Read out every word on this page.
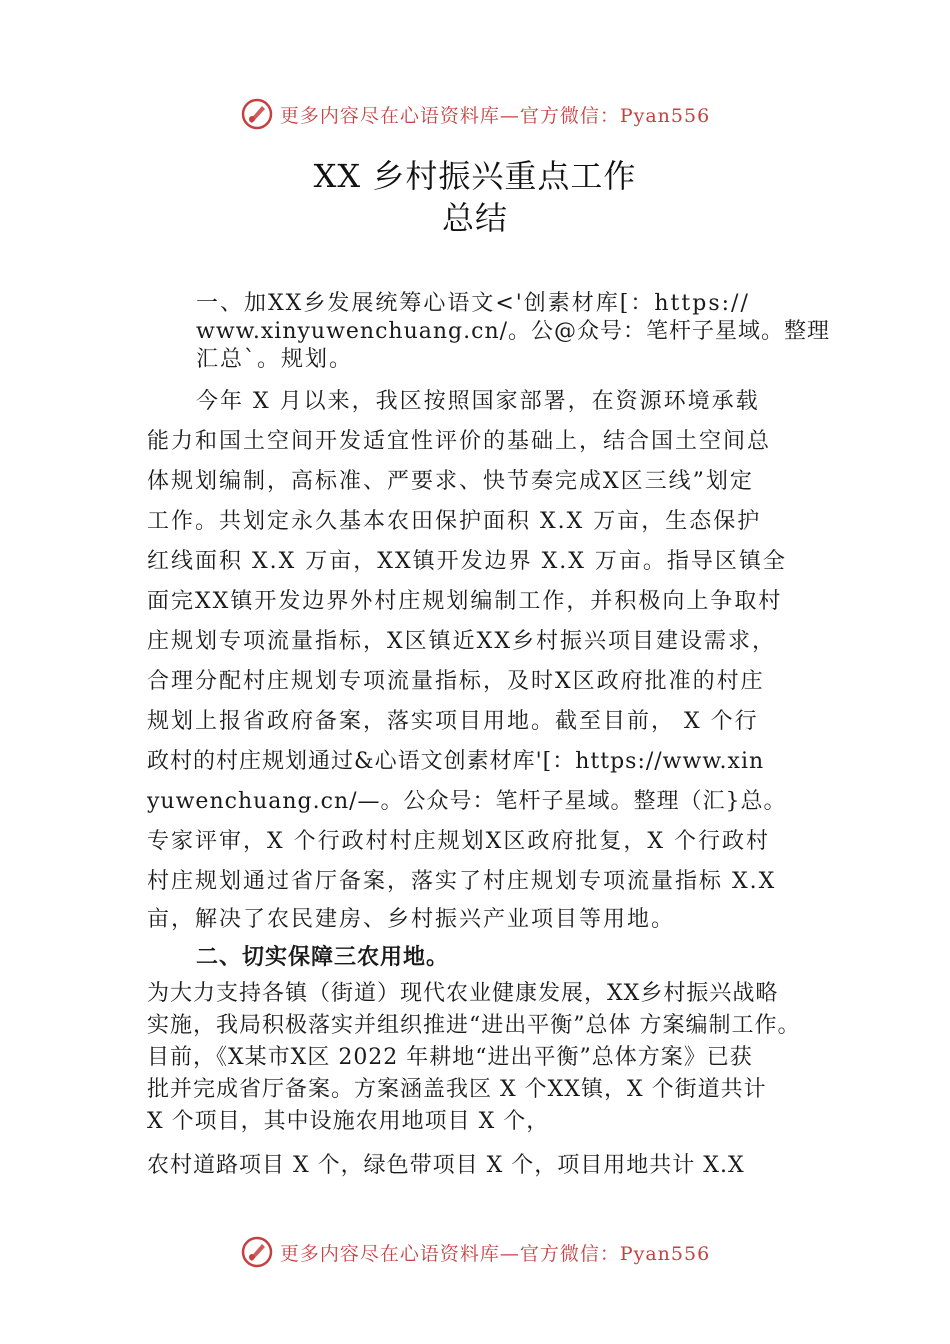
更多内容尽在心语资料库—官方微信：Pyan556
XX 乡村振兴重点工作
总结
一、加XX乡发展统筹心语文<'创素材库[：https://
www.xinyuwenchuang.cn/。公@众号：笔杆子星域。整理
汇总`。规划。
今年 X 月以来，我区按照国家部署，在资源环境承载
能力和国土空间开发适宜性评价的基础上，结合国土空间总
体规划编制，高标准、严要求、快节奏完成X区三线”划定
工作。共划定永久基本农田保护面积 X.X 万亩，生态保护
红线面积 X.X 万亩，XX镇开发边界 X.X 万亩。指导区镇全
面完XX镇开发边界外村庄规划编制工作，并积极向上争取村
庄规划专项流量指标，X区镇近XX乡村振兴项目建设需求，
合理分配村庄规划专项流量指标，及时X区政府批准的村庄
规划上报省政府备案，落实项目用地。截至目前， X 个行
政村的村庄规划通过&心语文创素材库'[：https://www.xin
yuwenchuang.cn/—。公众号：笔杆子星域。整理（汇}总。
专家评审，X 个行政村村庄规划X区政府批复，X 个行政村
村庄规划通过省厅备案，落实了村庄规划专项流量指标 X.X
亩，解决了农民建房、乡村振兴产业项目等用地。
二、切实保障三农用地。
为大力支持各镇（街道）现代农业健康发展，XX乡村振兴战略
实施，我局积极落实并组织推进“进出平衡”总体 方案编制工作。
目前，《X某市X区 2022 年耕地“进出平衡”总体方案》已获
批并完成省厅备案。方案涵盖我区 X 个XX镇，X 个街道共计
X 个项目，其中设施农用地项目 X 个，
农村道路项目 X 个，绿色带项目 X 个，项目用地共计 X.X
更多内容尽在心语资料库—官方微信：Pyan556
